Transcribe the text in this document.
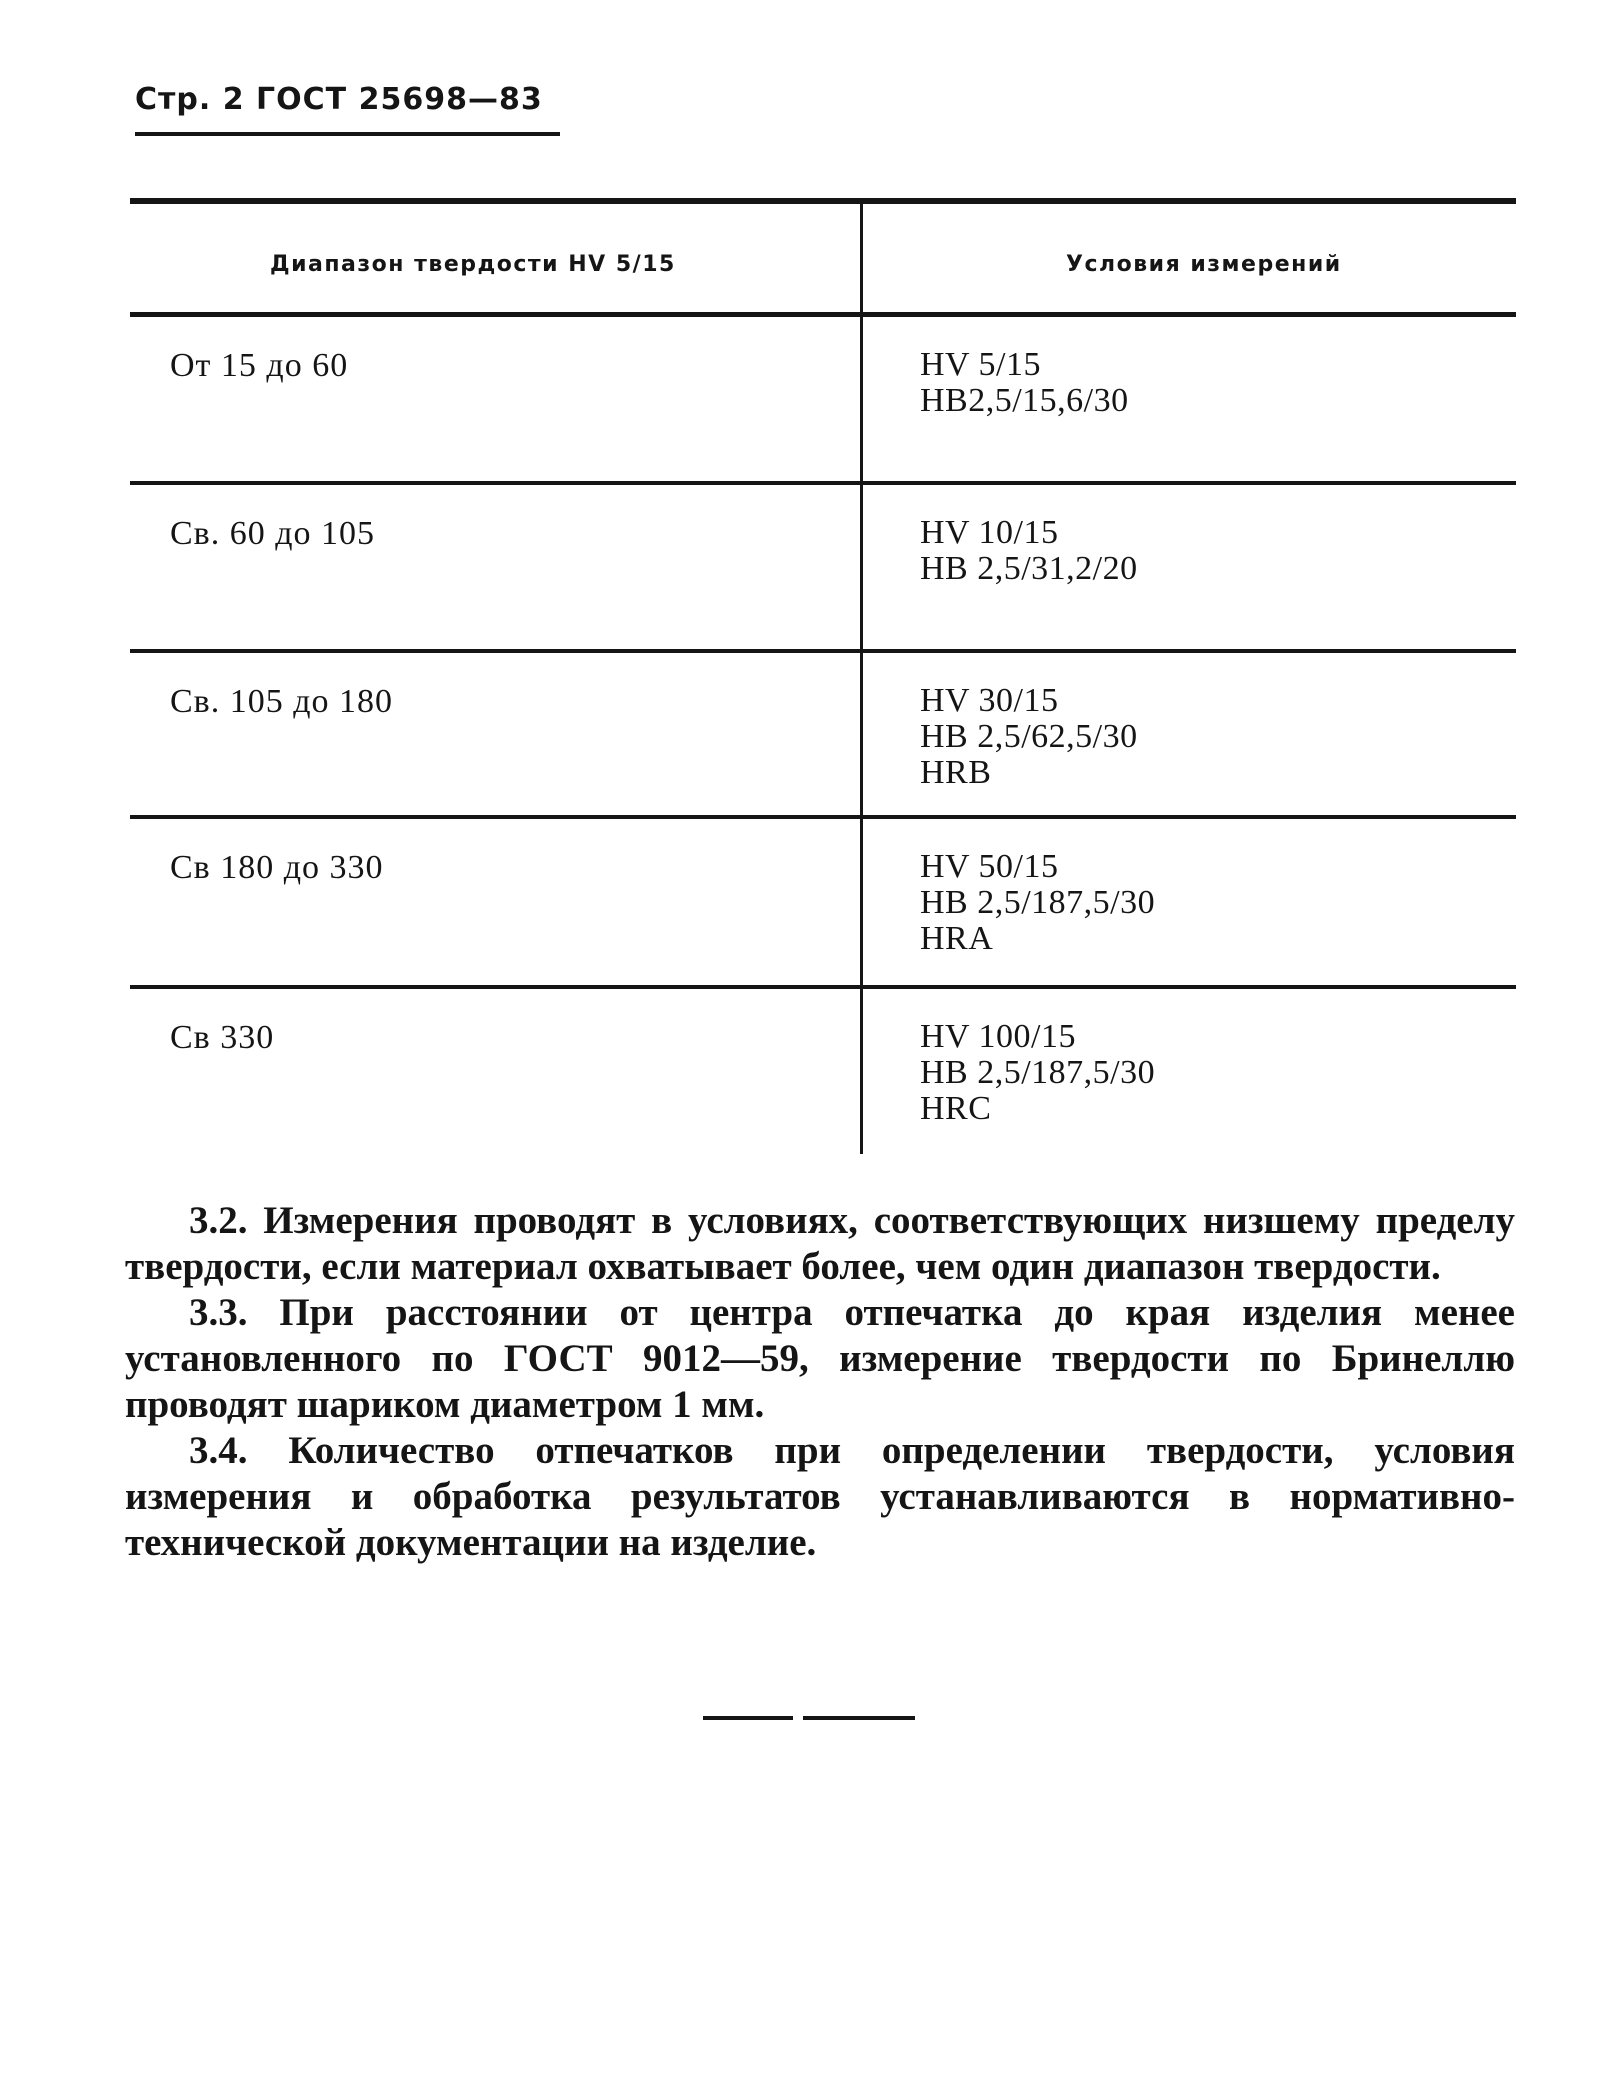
Стр. 2 ГОСТ 25698—83
Диапазон твердости HV 5/15	Условия измерений
От 15 до 60	HV 5/15
HB2,5/15,6/30
Св. 60 до 105	HV 10/15
HB 2,5/31,2/20
Св. 105 до 180	HV 30/15
HB 2,5/62,5/30
HRB
Св 180 до 330	HV 50/15
HB 2,5/187,5/30
HRA
Св 330	HV 100/15
HB 2,5/187,5/30
HRC

3.2. Измерения проводят в условиях, соответствующих низшему пределу твердости, если материал охватывает более, чем один диапазон твердости.

3.3. При расстоянии от центра отпечатка до края изделия менее установленного по ГОСТ 9012—59, измерение твердости по Бринеллю проводят шариком диаметром 1 мм.

3.4. Количество отпечатков при определении твердости, условия измерения и обработка результатов устанавливаются в нормативно-технической документации на изделие.
